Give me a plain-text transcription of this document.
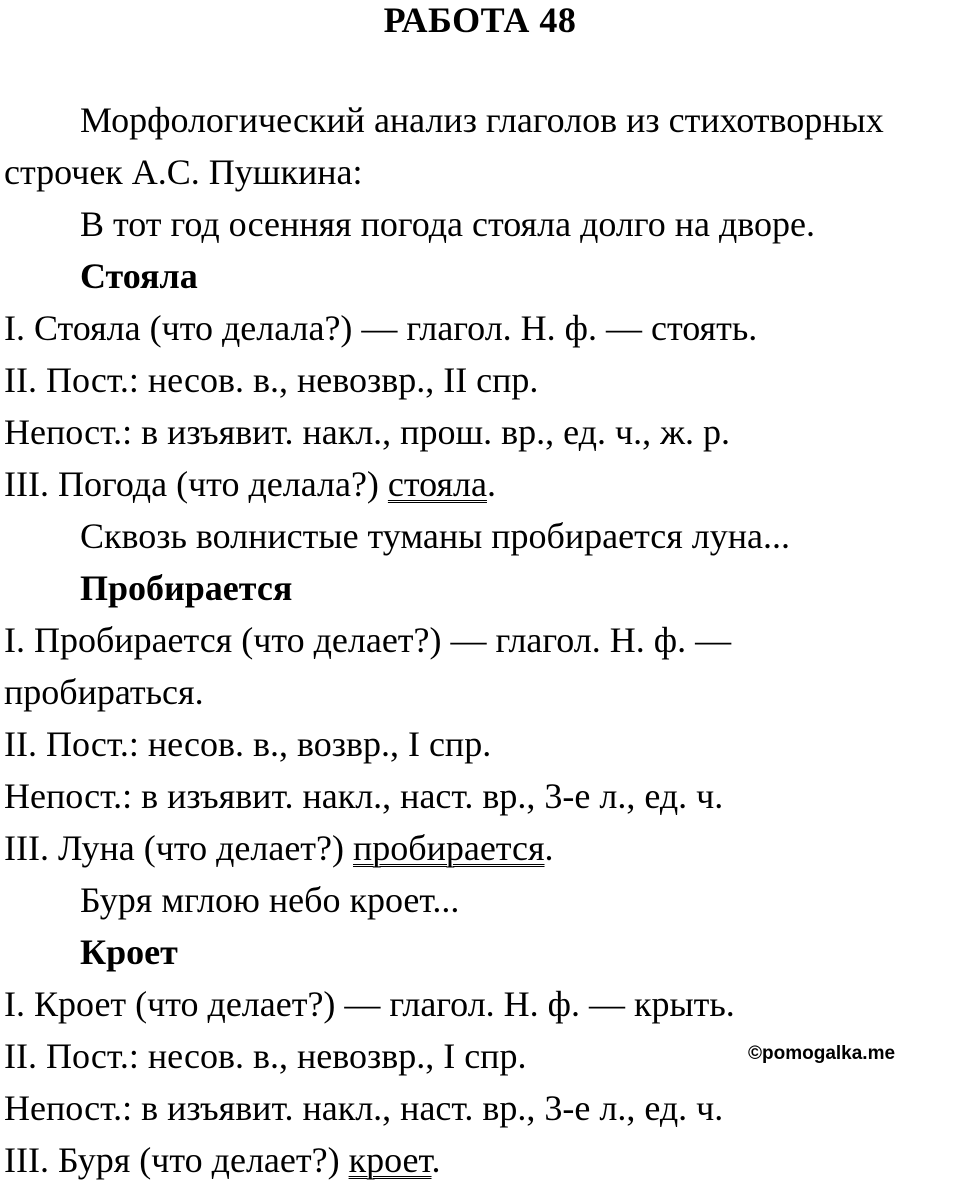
РАБОТА 48
Морфологический анализ глаголов из стихотворных
строчек А.С. Пушкина:
В тот год осенняя погода стояла долго на дворе.
Стояла
I. Стояла (что делала?) — глагол. Н. ф. — стоять.
II. Пост.: несов. в., невозвр., II спр.
Непост.: в изъявит. накл., прош. вр., ед. ч., ж. р.
III. Погода (что делала?) стояла.
Сквозь волнистые туманы пробирается луна...
Пробирается
I. Пробирается (что делает?) — глагол. Н. ф. —
пробираться.
II. Пост.: несов. в., возвр., I спр.
Непост.: в изъявит. накл., наст. вр., 3-е л., ед. ч.
III. Луна (что делает?) пробирается.
Буря мглою небо кроет...
Кроет
I. Кроет (что делает?) — глагол. Н. ф. — крыть.
II. Пост.: несов. в., невозвр., I спр.
Непост.: в изъявит. накл., наст. вр., 3-е л., ед. ч.
III. Буря (что делает?) кроет.
©pomogalka.me
